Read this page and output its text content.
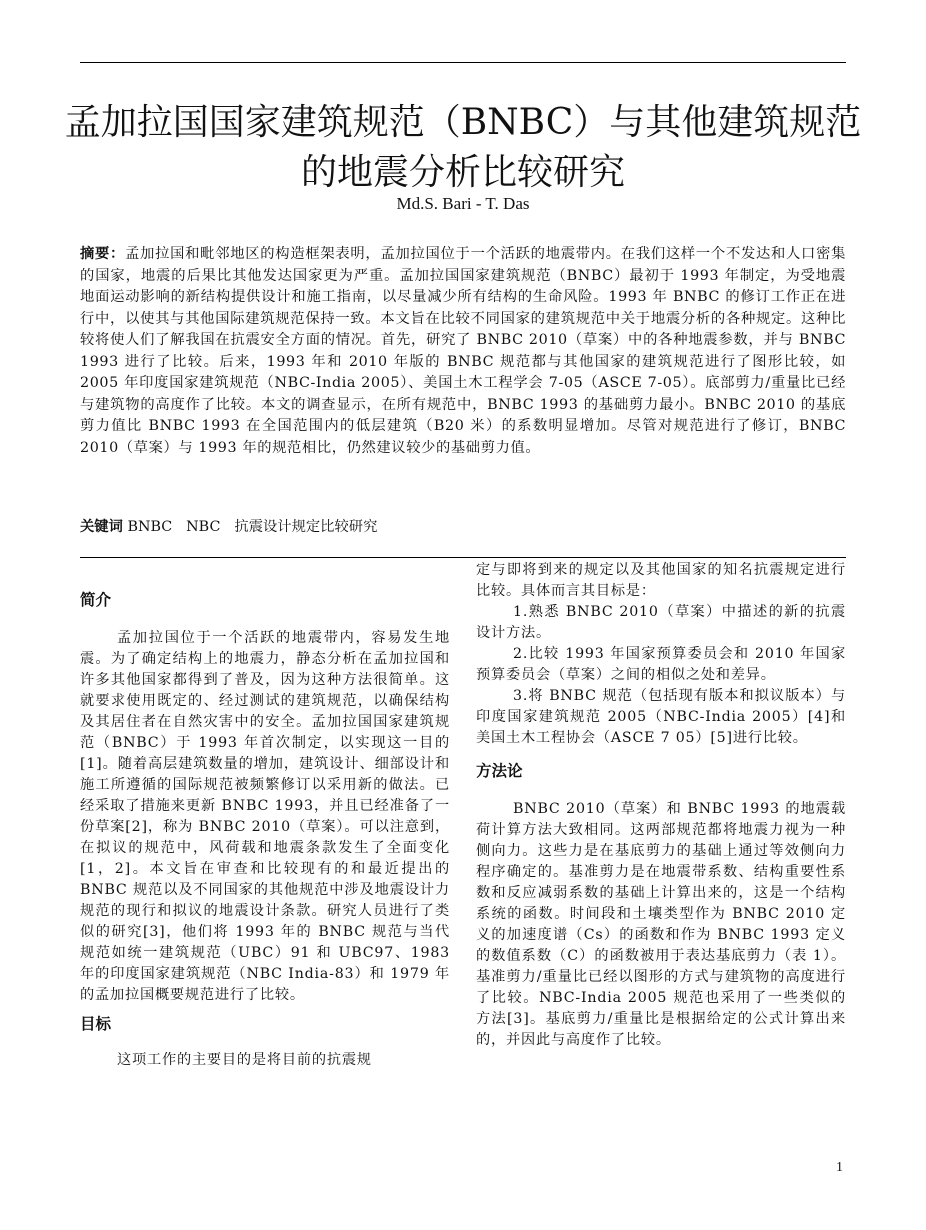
孟加拉国国家建筑规范（BNBC）与其他建筑规范
的地震分析比较研究
Md.S. Bari - T. Das
摘要：孟加拉国和毗邻地区的构造框架表明，孟加拉国位于一个活跃的地震带内。在我们这样一个不发达和人口密集的国家，地震的后果比其他发达国家更为严重。孟加拉国国家建筑规范（BNBC）最初于 1993 年制定，为受地震地面运动影响的新结构提供设计和施工指南，以尽量减少所有结构的生命风险。1993 年 BNBC 的修订工作正在进行中，以使其与其他国际建筑规范保持一致。本文旨在比较不同国家的建筑规范中关于地震分析的各种规定。这种比较将使人们了解我国在抗震安全方面的情况。首先，研究了 BNBC 2010（草案）中的各种地震参数，并与 BNBC 1993 进行了比较。后来，1993 年和 2010 年版的 BNBC 规范都与其他国家的建筑规范进行了图形比较，如 2005 年印度国家建筑规范（NBC-India 2005）、美国土木工程学会 7-05（ASCE 7-05）。底部剪力/重量比已经与建筑物的高度作了比较。本文的调查显示，在所有规范中，BNBC 1993 的基础剪力最小。BNBC 2010 的基底剪力值比 BNBC 1993 在全国范围内的低层建筑（B20 米）的系数明显增加。尽管对规范进行了修订，BNBC 2010（草案）与 1993 年的规范相比，仍然建议较少的基础剪力值。
关键词 BNBC NBC 抗震设计规定比较研究
简介

孟加拉国位于一个活跃的地震带内，容易发生地震。为了确定结构上的地震力，静态分析在孟加拉国和许多其他国家都得到了普及，因为这种方法很简单。这就要求使用既定的、经过测试的建筑规范，以确保结构及其居住者在自然灾害中的安全。孟加拉国国家建筑规范（BNBC）于 1993 年首次制定，以实现这一目的[1]。随着高层建筑数量的增加，建筑设计、细部设计和施工所遵循的国际规范被频繁修订以采用新的做法。已经采取了措施来更新 BNBC 1993，并且已经准备了一份草案[2]，称为 BNBC 2010（草案）。可以注意到，在拟议的规范中，风荷载和地震条款发生了全面变化[1，2]。本文旨在审查和比较现有的和最近提出的 BNBC 规范以及不同国家的其他规范中涉及地震设计力规范的现行和拟议的地震设计条款。研究人员进行了类似的研究[3]，他们将 1993 年的 BNBC 规范与当代规范如统一建筑规范（UBC）91 和 UBC97、1983 年的印度国家建筑规范（NBC India-83）和 1979 年的孟加拉国概要规范进行了比较。

目标

这项工作的主要目的是将目前的抗震规

定与即将到来的规定以及其他国家的知名抗震规定进行比较。具体而言其目标是：

1.熟悉 BNBC 2010（草案）中描述的新的抗震设计方法。

2.比较 1993 年国家预算委员会和 2010 年国家预算委员会（草案）之间的相似之处和差异。

3.将 BNBC 规范（包括现有版本和拟议版本）与印度国家建筑规范 2005（NBC-India 2005）[4]和美国土木工程协会（ASCE 7 05）[5]进行比较。

方法论

BNBC 2010（草案）和 BNBC 1993 的地震载荷计算方法大致相同。这两部规范都将地震力视为一种侧向力。这些力是在基底剪力的基础上通过等效侧向力程序确定的。基准剪力是在地震带系数、结构重要性系数和反应减弱系数的基础上计算出来的，这是一个结构系统的函数。时间段和土壤类型作为 BNBC 2010 定义的加速度谱（Cs）的函数和作为 BNBC 1993 定义的数值系数（C）的函数被用于表达基底剪力（表 1）。基准剪力/重量比已经以图形的方式与建筑物的高度进行了比较。NBC-India 2005 规范也采用了一些类似的方法[3]。基底剪力/重量比是根据给定的公式计算出来的，并因此与高度作了比较。

1
